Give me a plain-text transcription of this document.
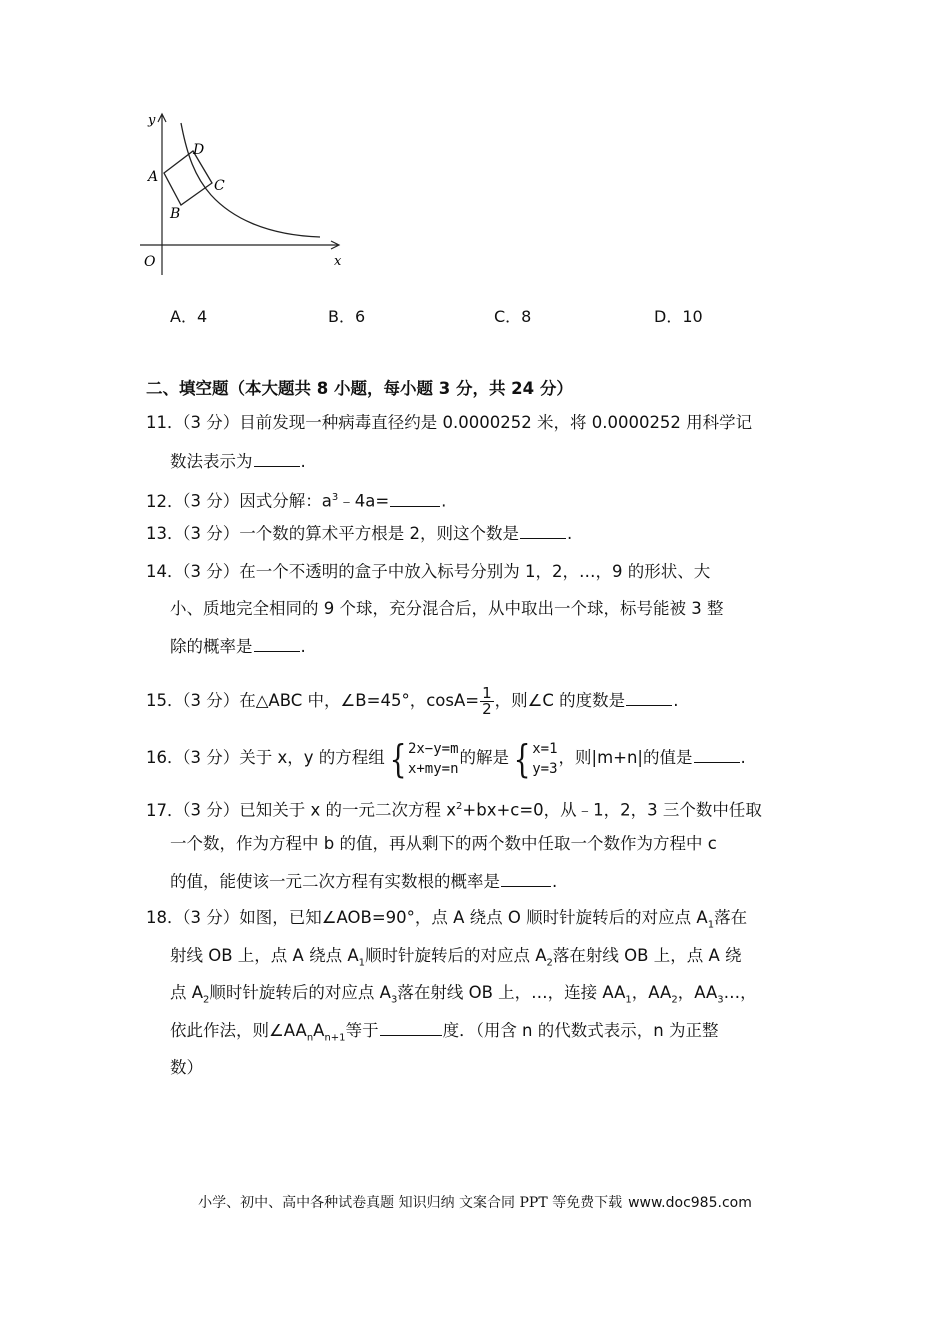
y
x
O
A
B
C
D
A．4	B．6	C．8	D．10
二、填空题（本大题共 8 小题，每小题 3 分，共 24 分）
11．（3 分）目前发现一种病毒直径约是 0.0000252 米，将 0.0000252 用科学记
数法表示为	.
12．（3 分）因式分解：$a^3﹣4a=$	.
13．（3 分）一个数的算术平方根是 2，则这个数是	.
14．（3 分）在一个不透明的盒子中放入标号分别为 1，2，…，9 的形状、大
小、质地完全相同的 9 个球，充分混合后，从中取出一个球，标号能被 3 整
除的概率是	.
15．（3 分）在△ABC 中，∠B=45°，$\cos A= \frac{1}{2}$ ，则∠C 的度数是	.
16．（3 分）关于 x，y 的方程组 { 2x−y=m
x+my=n
的解是 { x=1
y=3
，则|m+n|的值是	.
17．（3 分）已知关于 x 的一元二次方程 $x^2+bx+c=0$，从﹣1，2，3 三个数中任取
一个数，作为方程中 b 的值，再从剩下的两个数中任取一个数作为方程中 c
的值，能使该一元二次方程有实数根的概率是	.
18．（3 分）如图，已知∠AOB=90°，点 A 绕点 O 顺时针旋转后的对应点 $A_1$落在
射线 OB 上，点 A 绕点 $A_1$顺时针旋转后的对应点 $A_2$落在射线 OB 上，点 A 绕
点 $A_2$顺时针旋转后的对应点 $A_3$落在射线 OB 上，…，连接 $AA_1$，$AA_2$，$AA_3\dots$，
依此作法，则$\angle AA_nA_{n+1}$等于	度．（用含 n 的代数式表示，n 为正整
数）
小学、初中、高中各种试卷真题 知识归纳 文案合同 PPT 等免费下载 www.doc985.com
